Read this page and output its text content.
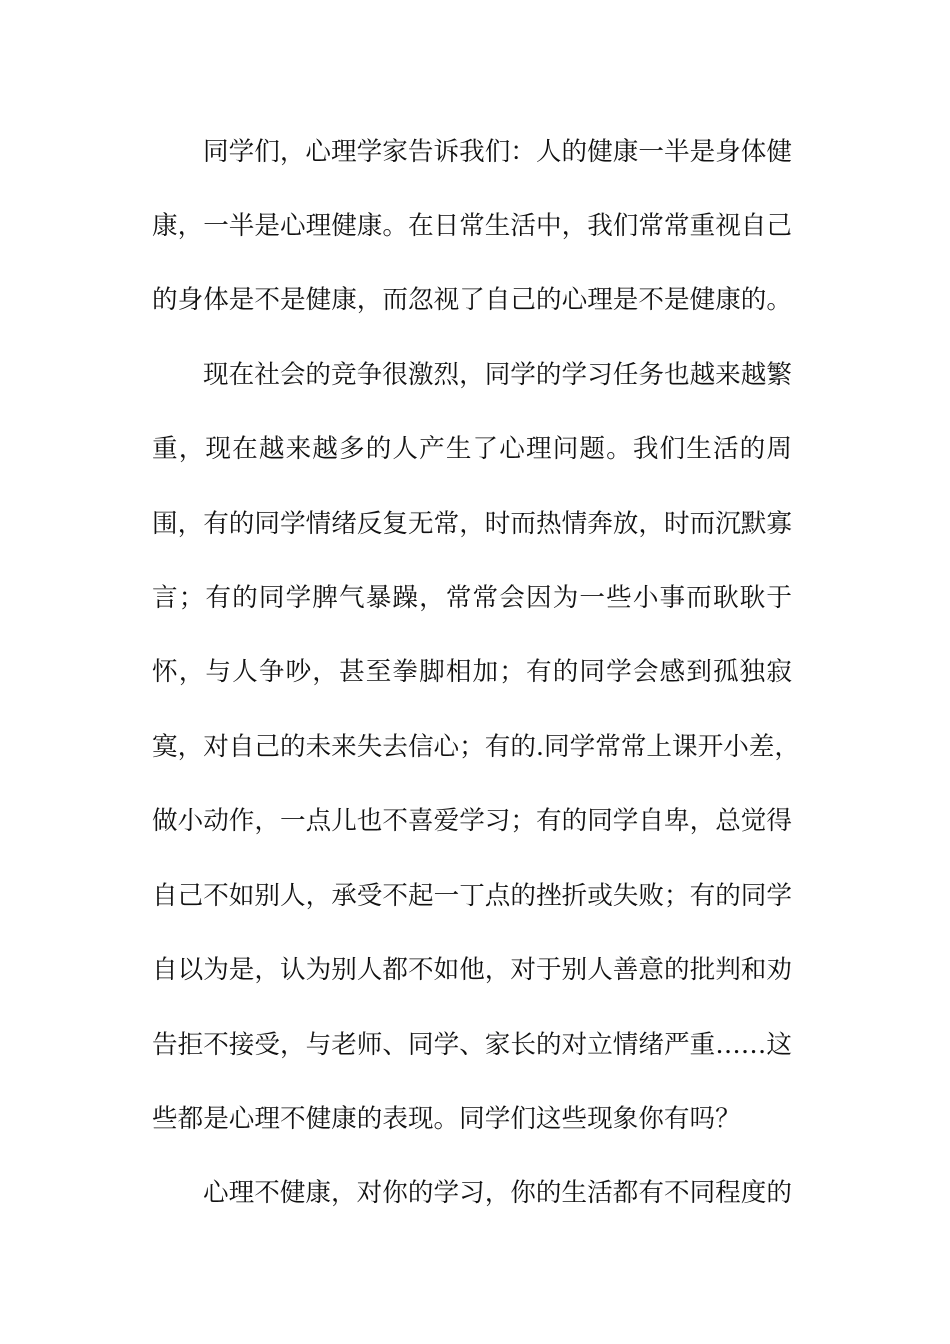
同学们，心理学家告诉我们：人的健康一半是身体健

康，一半是心理健康。在日常生活中，我们常常重视自己

的身体是不是健康，而忽视了自己的心理是不是健康的。

现在社会的竞争很激烈，同学的学习任务也越来越繁

重，现在越来越多的人产生了心理问题。我们生活的周

围，有的同学情绪反复无常，时而热情奔放，时而沉默寡

言；有的同学脾气暴躁，常常会因为一些小事而耿耿于

怀，与人争吵，甚至拳脚相加；有的同学会感到孤独寂

寞，对自己的未来失去信心；有的.同学常常上课开小差，

做小动作，一点儿也不喜爱学习；有的同学自卑，总觉得

自己不如别人，承受不起一丁点的挫折或失败；有的同学

自以为是，认为别人都不如他，对于别人善意的批判和劝

告拒不接受，与老师、同学、家长的对立情绪严重……这

些都是心理不健康的表现。同学们这些现象你有吗？

心理不健康，对你的学习，你的生活都有不同程度的
